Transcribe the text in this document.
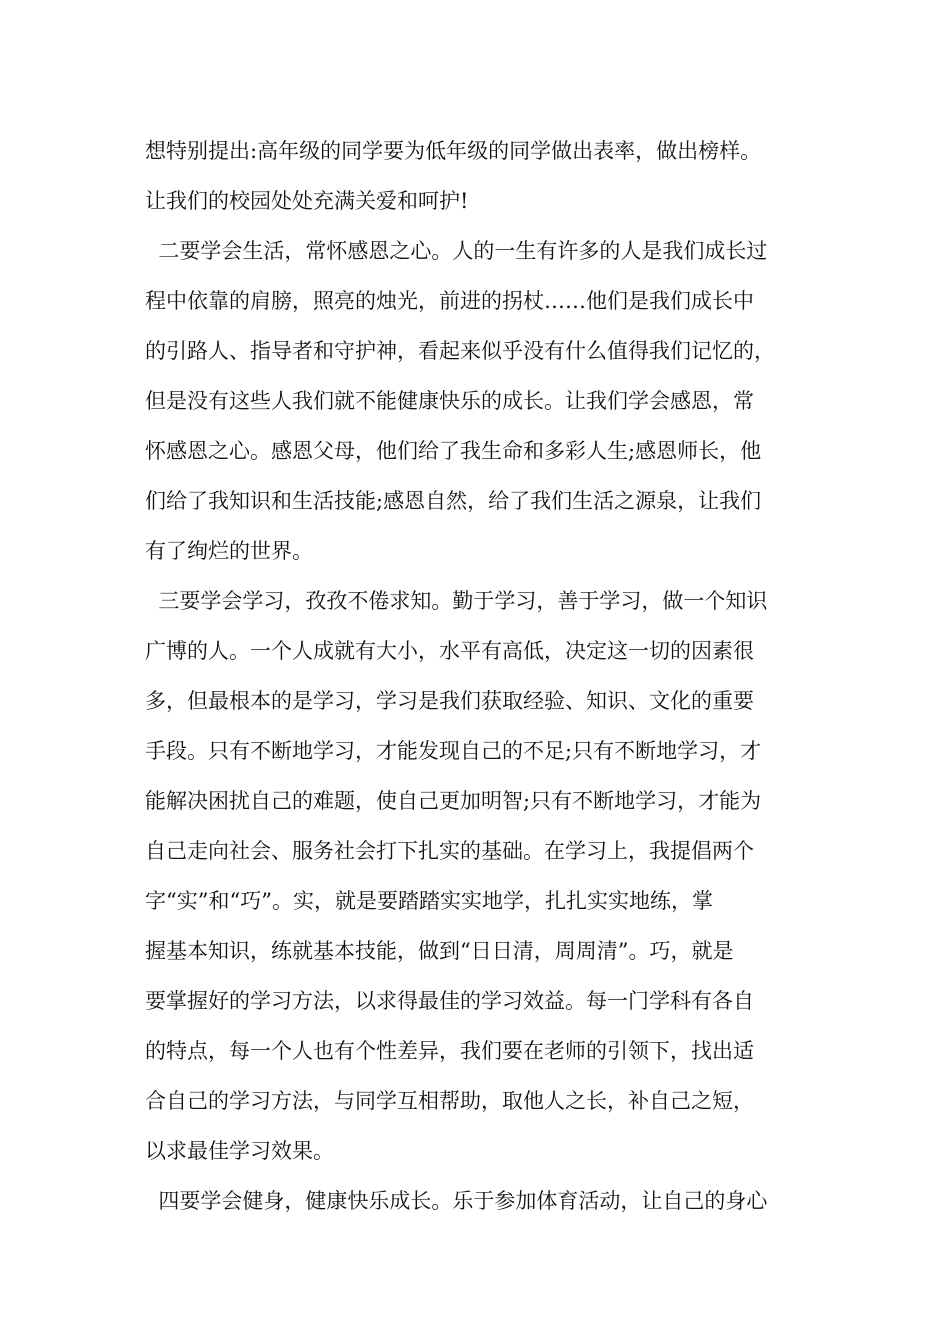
想特别提出:高年级的同学要为低年级的同学做出表率，做出榜样。

让我们的校园处处充满关爱和呵护!

二要学会生活，常怀感恩之心。人的一生有许多的人是我们成长过

程中依靠的肩膀，照亮的烛光，前进的拐杖……他们是我们成长中

的引路人、指导者和守护神，看起来似乎没有什么值得我们记忆的，

但是没有这些人我们就不能健康快乐的成长。让我们学会感恩，常

怀感恩之心。感恩父母，他们给了我生命和多彩人生;感恩师长，他

们给了我知识和生活技能;感恩自然，给了我们生活之源泉，让我们

有了绚烂的世界。

三要学会学习，孜孜不倦求知。勤于学习，善于学习，做一个知识

广博的人。一个人成就有大小，水平有高低，决定这一切的因素很

多，但最根本的是学习，学习是我们获取经验、知识、文化的重要

手段。只有不断地学习，才能发现自己的不足;只有不断地学习，才

能解决困扰自己的难题，使自己更加明智;只有不断地学习，才能为

自己走向社会、服务社会打下扎实的基础。在学习上，我提倡两个

字“实”和“巧”。实，就是要踏踏实实地学，扎扎实实地练，掌

握基本知识，练就基本技能，做到“日日清，周周清”。巧，就是

要掌握好的学习方法，以求得最佳的学习效益。每一门学科有各自

的特点，每一个人也有个性差异，我们要在老师的引领下，找出适

合自己的学习方法，与同学互相帮助，取他人之长，补自己之短，

以求最佳学习效果。

四要学会健身，健康快乐成长。乐于参加体育活动，让自己的身心
